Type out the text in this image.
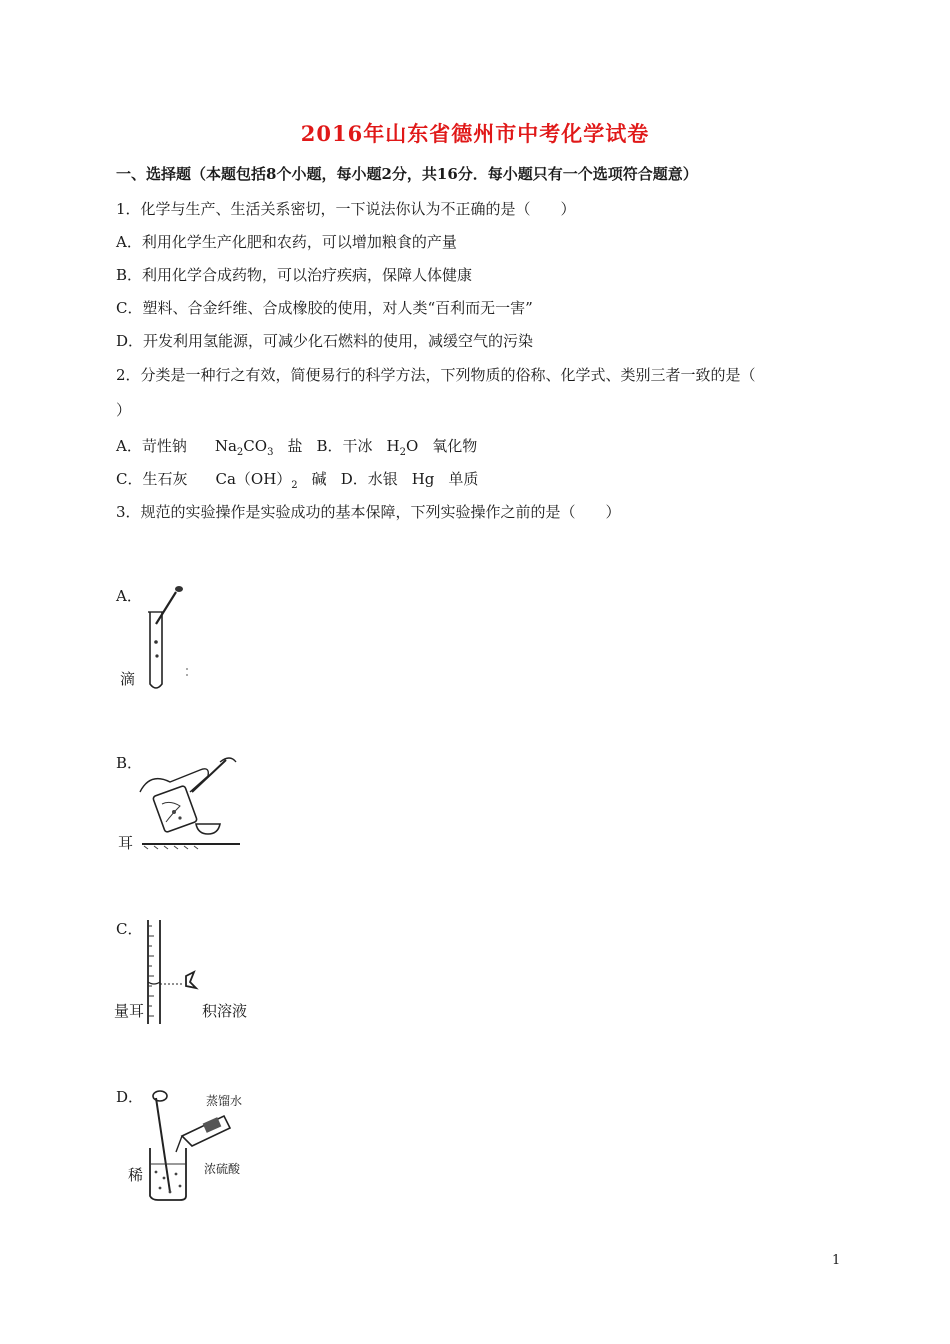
2016年山东省德州市中考化学试卷
一、选择题（本题包括8个小题，每小题2分，共16分．每小题只有一个选项符合题意）
1．化学与生产、生活关系密切，一下说法你认为不正确的是（　　）
A．利用化学生产化肥和农药，可以增加粮食的产量
B．利用化学合成药物，可以治疗疾病，保障人体健康
C．塑料、合金纤维、合成橡胶的使用，对人类“百利而无一害”
D．开发利用氢能源，可减少化石燃料的使用，减缓空气的污染
2．分类是一种行之有效，简便易行的科学方法，下列物质的俗称、化学式、类别三者一致的是（
）
A．苛性钠 $Na_2CO_3$ 盐 B．干冰 $H_2O$ 氧化物
C．生石灰 $Ca(OH)_2$ 碱 D．水银 Hg 单质
3．规范的实验操作是实验成功的基本保障，下列实验操作之前的是（　　）
A．
滴
B．
耳
C．
量耳	积溶液
D．	蒸馏水
浓硫酸
稀
1
